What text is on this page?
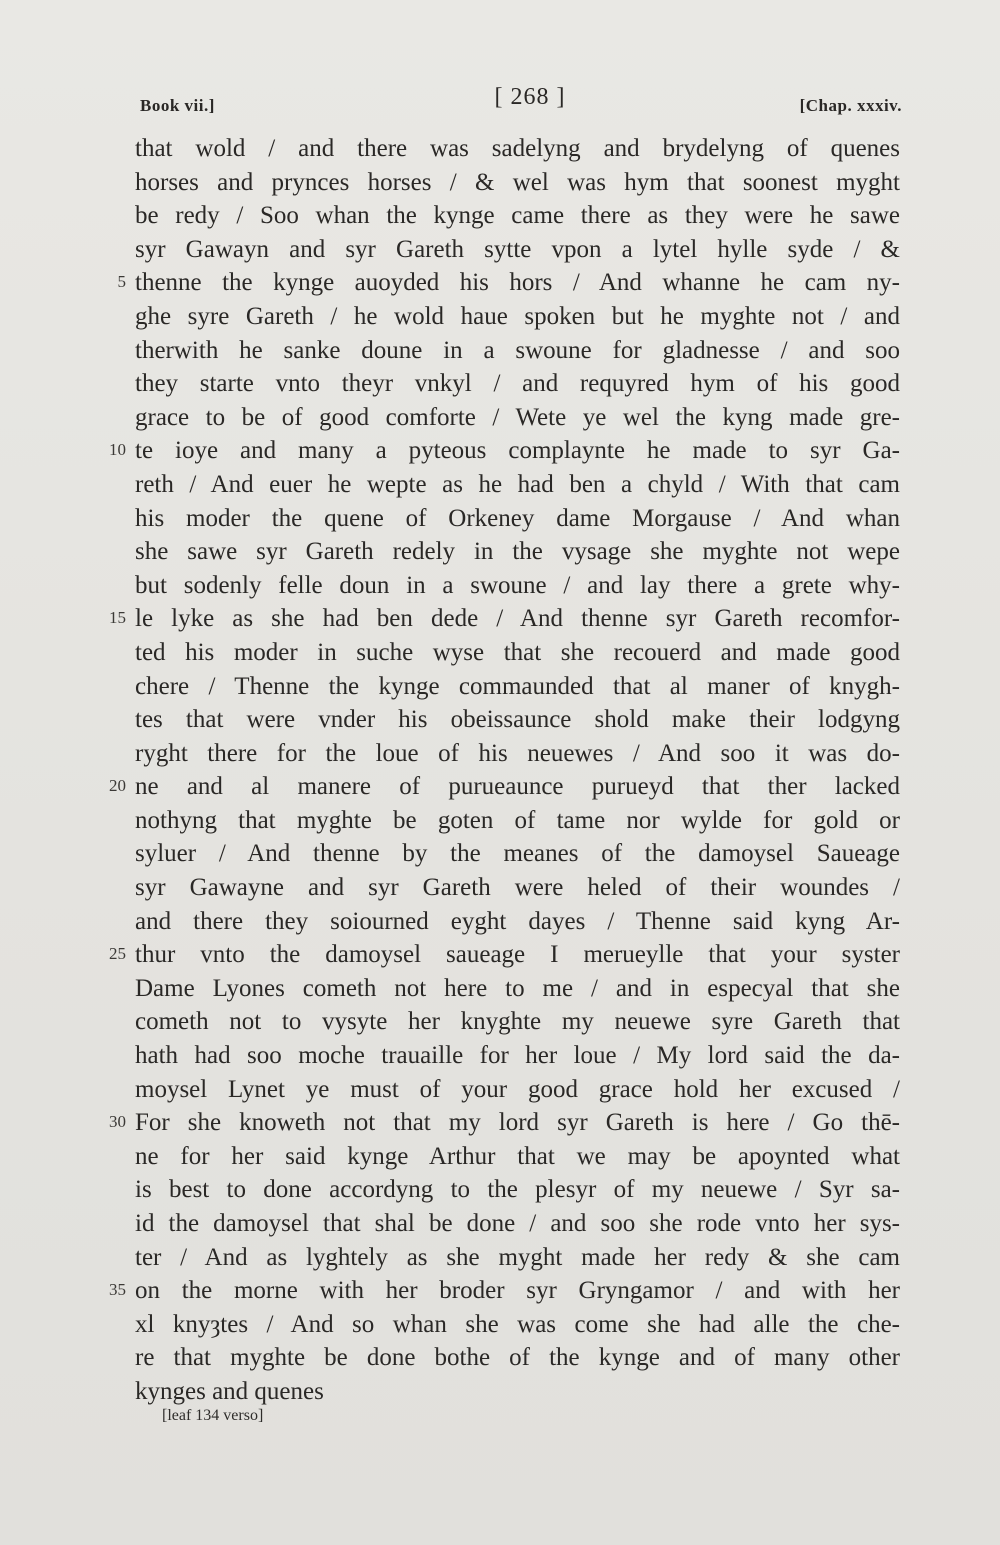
Book vii.]	[ 268 ]	[Chap. xxxiv.
that wold / and there was sadelyng and brydelyng of quenes
horses and prynces horses / & wel was hym that soonest myght
be redy / Soo whan the kynge came there as they were he sawe
syr Gawayn and syr Gareth sytte vpon a lytel hylle syde / &
5 thenne the kynge auoyded his hors / And whanne he cam ny-
ghe syre Gareth / he wold haue spoken but he myghte not / and
therwith he sanke doune in a swoune for gladnesse / and soo
they starte vnto theyr vnkyl / and requyred hym of his good
grace to be of good comforte / Wete ye wel the kyng made gre-
10 te ioye and many a pyteous complaynte he made to syr Ga-
reth / And euer he wepte as he had ben a chyld / With that cam
his moder the quene of Orkeney dame Morgause / And whan
she sawe syr Gareth redely in the vysage she myghte not wepe
but sodenly felle doun in a swoune / and lay there a grete why-
15 le lyke as she had ben dede / And thenne syr Gareth recomfor-
ted his moder in suche wyse that she recouerd and made good
chere / Thenne the kynge commaunded that al maner of knygh-
tes that were vnder his obeissaunce shold make their lodgyng
ryght there for the loue of his neuewes / And soo it was do-
20 ne and al manere of purueaunce purueyd that ther lacked
nothyng that myghte be goten of tame nor wylde for gold or
syluer / And thenne by the meanes of the damoysel Saueage
syr Gawayne and syr Gareth were heled of their woundes /
and there they soiourned eyght dayes / Thenne said kyng Ar-
25 thur vnto the damoysel saueage I merueylle that your syster
Dame Lyones cometh not here to me / and in especyal that she
cometh not to vysyte her knyghte my neuewe syre Gareth that
hath had soo moche trauaille for her loue / My lord said the da-
moysel Lynet ye must of your good grace hold her excused /
30 For she knoweth not that my lord syr Gareth is here / Go thē-
ne for her said kynge Arthur that we may be apoynted what
is best to done accordyng to the plesyr of my neuewe / Syr sa-
id the damoysel that shal be done / and soo she rode vnto her sys-
ter / And as lyghtely as she myght made her redy & she cam
35 on the morne with her broder syr Gryngamor / and with her
xl knyȝtes / And so whan she was come she had alle the che-
re that myghte be done bothe of the kynge and of many other
kynges and quenes
[leaf 134 verso]
